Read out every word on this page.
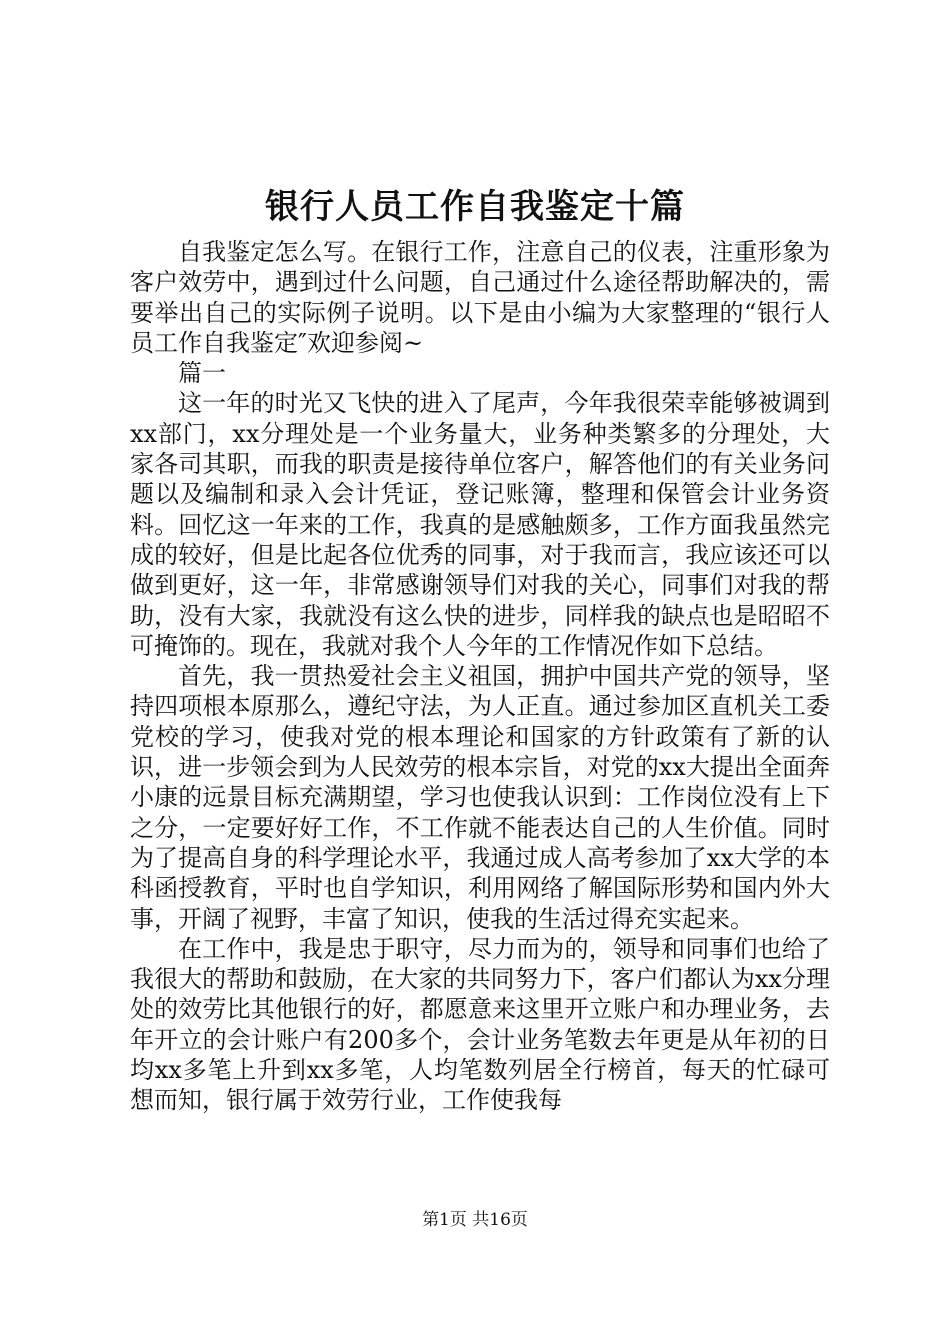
银行人员工作自我鉴定十篇

自我鉴定怎么写。在银行工作，注意自己的仪表，注重形象为客户效劳中，遇到过什么问题，自己通过什么途径帮助解决的，需要举出自己的实际例子说明。以下是由小编为大家整理的“银行人员工作自我鉴定″欢迎参阅~

篇一

这一年的时光又飞快的进入了尾声，今年我很荣幸能够被调到xx部门，xx分理处是一个业务量大，业务种类繁多的分理处，大家各司其职，而我的职责是接待单位客户，解答他们的有关业务问题以及编制和录入会计凭证，登记账簿，整理和保管会计业务资料。回忆这一年来的工作，我真的是感触颇多，工作方面我虽然完成的较好，但是比起各位优秀的同事，对于我而言，我应该还可以做到更好，这一年，非常感谢领导们对我的关心，同事们对我的帮助，没有大家，我就没有这么快的进步，同样我的缺点也是昭昭不可掩饰的。现在，我就对我个人今年的工作情况作如下总结。

首先，我一贯热爱社会主义祖国，拥护中国共产党的领导，坚持四项根本原那么，遵纪守法，为人正直。通过参加区直机关工委党校的学习，使我对党的根本理论和国家的方针政策有了新的认识，进一步领会到为人民效劳的根本宗旨，对党的xx大提出全面奔小康的远景目标充满期望，学习也使我认识到：工作岗位没有上下之分，一定要好好工作，不工作就不能表达自己的人生价值。同时为了提高自身的科学理论水平，我通过成人高考参加了xx大学的本科函授教育，平时也自学知识，利用网络了解国际形势和国内外大事，开阔了视野，丰富了知识，使我的生活过得充实起来。

在工作中，我是忠于职守，尽力而为的，领导和同事们也给了我很大的帮助和鼓励，在大家的共同努力下，客户们都认为xx分理处的效劳比其他银行的好，都愿意来这里开立账户和办理业务，去年开立的会计账户有200多个，会计业务笔数去年更是从年初的日均xx多笔上升到xx多笔，人均笔数列居全行榜首，每天的忙碌可想而知，银行属于效劳行业，工作使我每

第1页 共16页
